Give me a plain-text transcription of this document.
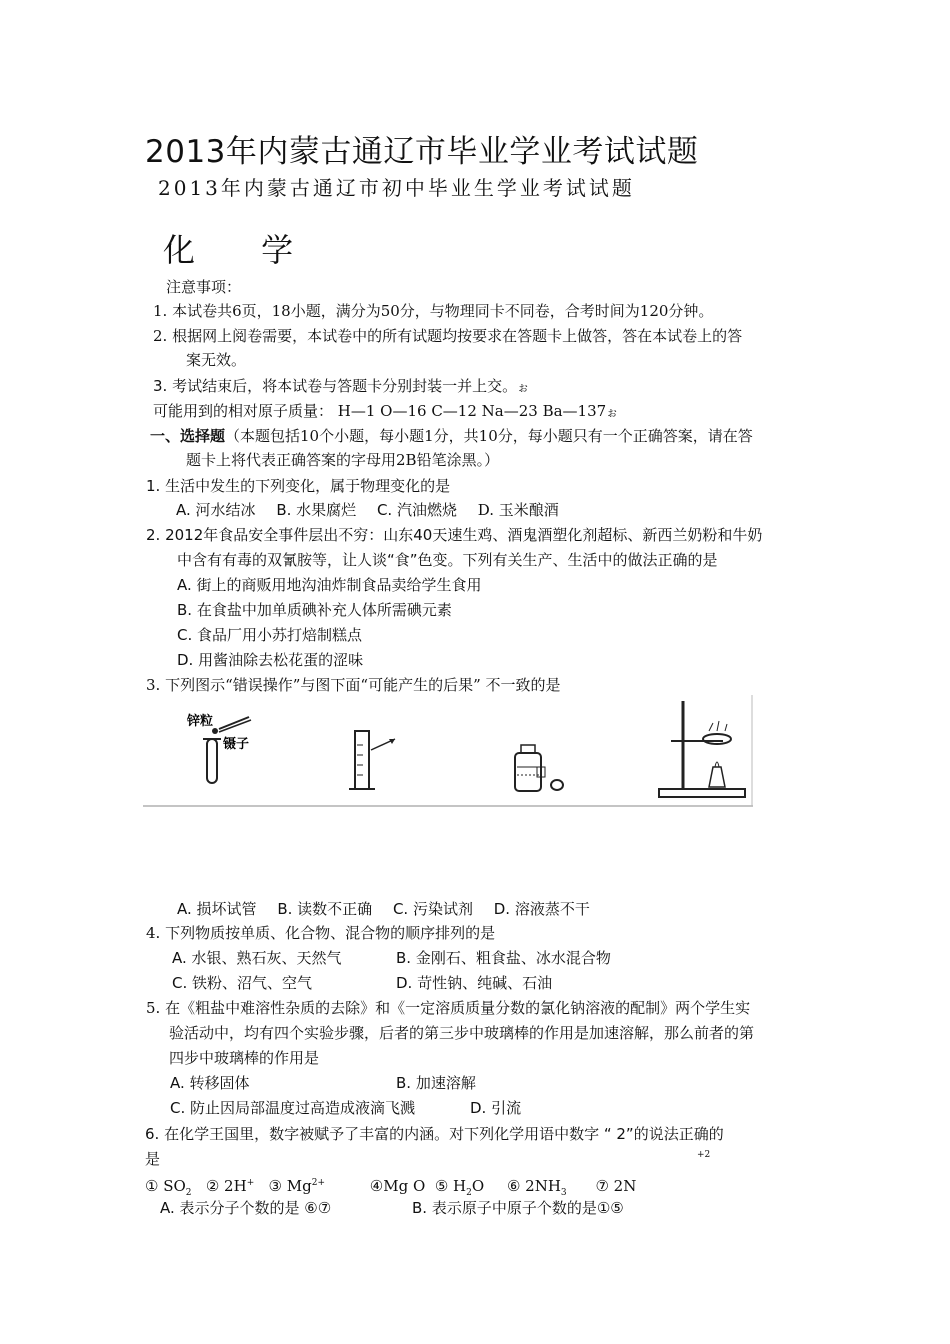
2013年内蒙古通辽市毕业学业考试试题
2013年内蒙古通辽市初中毕业生学业考试试题
化 学
注意事项：
1. 本试卷共6页，18小题，满分为50分，与物理同卡不同卷，合考时间为120分钟。
2. 根据网上阅卷需要，本试卷中的所有试题均按要求在答题卡上做答，答在本试卷上的答
案无效。
3. 考试结束后，将本试卷与答题卡分别封装一并上交。ぉ
可能用到的相对原子质量： H—1 O—16 C—12 Na—23 Ba—137ぉ
一、选择题（本题包括10个小题，每小题1分，共10分，每小题只有一个正确答案，请在答
题卡上将代表正确答案的字母用2B铅笔涂黑。）
1. 生活中发生的下列变化，属于物理变化的是
A. 河水结冰 B. 水果腐烂 C. 汽油燃烧 D. 玉米酿酒
2. 2012年食品安全事件层出不穷：山东40天速生鸡、酒鬼酒塑化剂超标、新西兰奶粉和牛奶
中含有有毒的双氰胺等，让人谈“食”色变。下列有关生产、生活中的做法正确的是
A. 街上的商贩用地沟油炸制食品卖给学生食用
B. 在食盐中加单质碘补充人体所需碘元素
C. 食品厂用小苏打焙制糕点
D. 用酱油除去松花蛋的涩味
3. 下列图示“错误操作”与图下面“可能产生的后果” 不一致的是
锌粒
镊子
A. 损坏试管 B. 读数不正确 C. 污染试剂 D. 溶液蒸不干
4. 下列物质按单质、化合物、混合物的顺序排列的是
A. 水银、熟石灰、天然气	B. 金刚石、粗食盐、冰水混合物
C. 铁粉、沼气、空气	D. 苛性钠、纯碱、石油
5. 在《粗盐中难溶性杂质的去除》和《一定溶质质量分数的氯化钠溶液的配制》两个学生实
验活动中，均有四个实验步骤，后者的第三步中玻璃棒的作用是加速溶解，那么前者的第
四步中玻璃棒的作用是
A. 转移固体	B. 加速溶解
C. 防止因局部温度过高造成液滴飞溅	D. 引流
6. 在化学王国里，数字被赋予了丰富的内涵。对下列化学用语中数字 “ 2”的说法正确的
是	+2
① $SO_2$ ② 2H+ ③ $Mg^{2+}$	④Mg O ⑤ $H_2O$ ⑥ $2NH_3$ ⑦ 2N
A. 表示分子个数的是 ⑥⑦	B. 表示原子中原子个数的是①⑤
